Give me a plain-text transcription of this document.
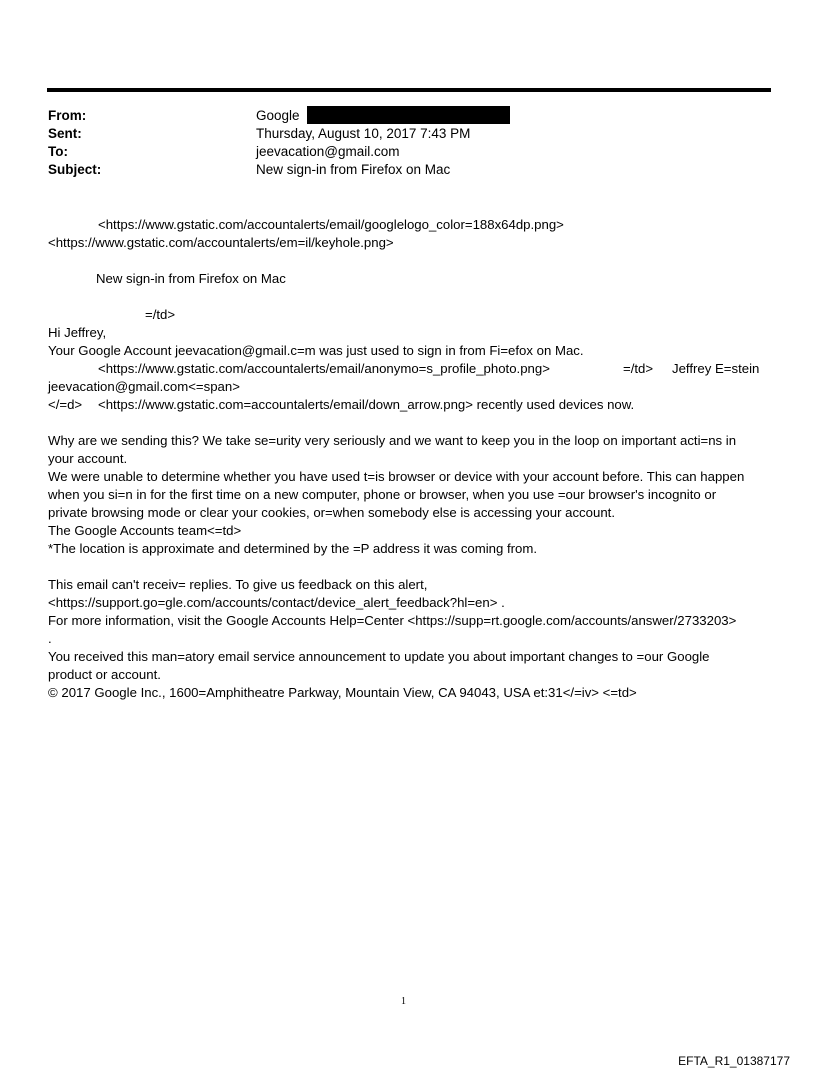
From:	Google
Sent:	Thursday, August 10, 2017 7:43 PM
To:	jeevacation@gmail.com
Subject:	New sign-in from Firefox on Mac
<https://www.gstatic.com/accountalerts/email/googlelogo_color=188x64dp.png>
<https://www.gstatic.com/accountalerts/em=il/keyhole.png>
New sign-in from Firefox on Mac
=/td>
Hi Jeffrey,
Your Google Account jeevacation@gmail.c=m was just used to sign in from Fi=efox on Mac.
<https://www.gstatic.com/accountalerts/email/anonymo=s_profile_photo.png>	=/td> Jeffrey E=stein
jeevacation@gmail.com<=span>
</=d> <https://www.gstatic.com=accountalerts/email/down_arrow.png> recently used devices now.
Why are we sending this? We take se=urity very seriously and we want to keep you in the loop on important acti=ns in
your account.
We were unable to determine whether you have used t=is browser or device with your account before. This can happen
when you si=n in for the first time on a new computer, phone or browser, when you use =our browser's incognito or
private browsing mode or clear your cookies, or=when somebody else is accessing your account.
The Google Accounts team<=td>
*The location is approximate and determined by the =P address it was coming from.
This email can't receiv= replies. To give us feedback on this alert,
<https://support.go=gle.com/accounts/contact/device_alert_feedback?hl=en> .
For more information, visit the Google Accounts Help=Center <https://supp=rt.google.com/accounts/answer/2733203>
.
You received this man=atory email service announcement to update you about important changes to =our Google
product or account.
© 2017 Google Inc., 1600=Amphitheatre Parkway, Mountain View, CA 94043, USA et:31</=iv> <=td>
1
EFTA_R1_01387177
